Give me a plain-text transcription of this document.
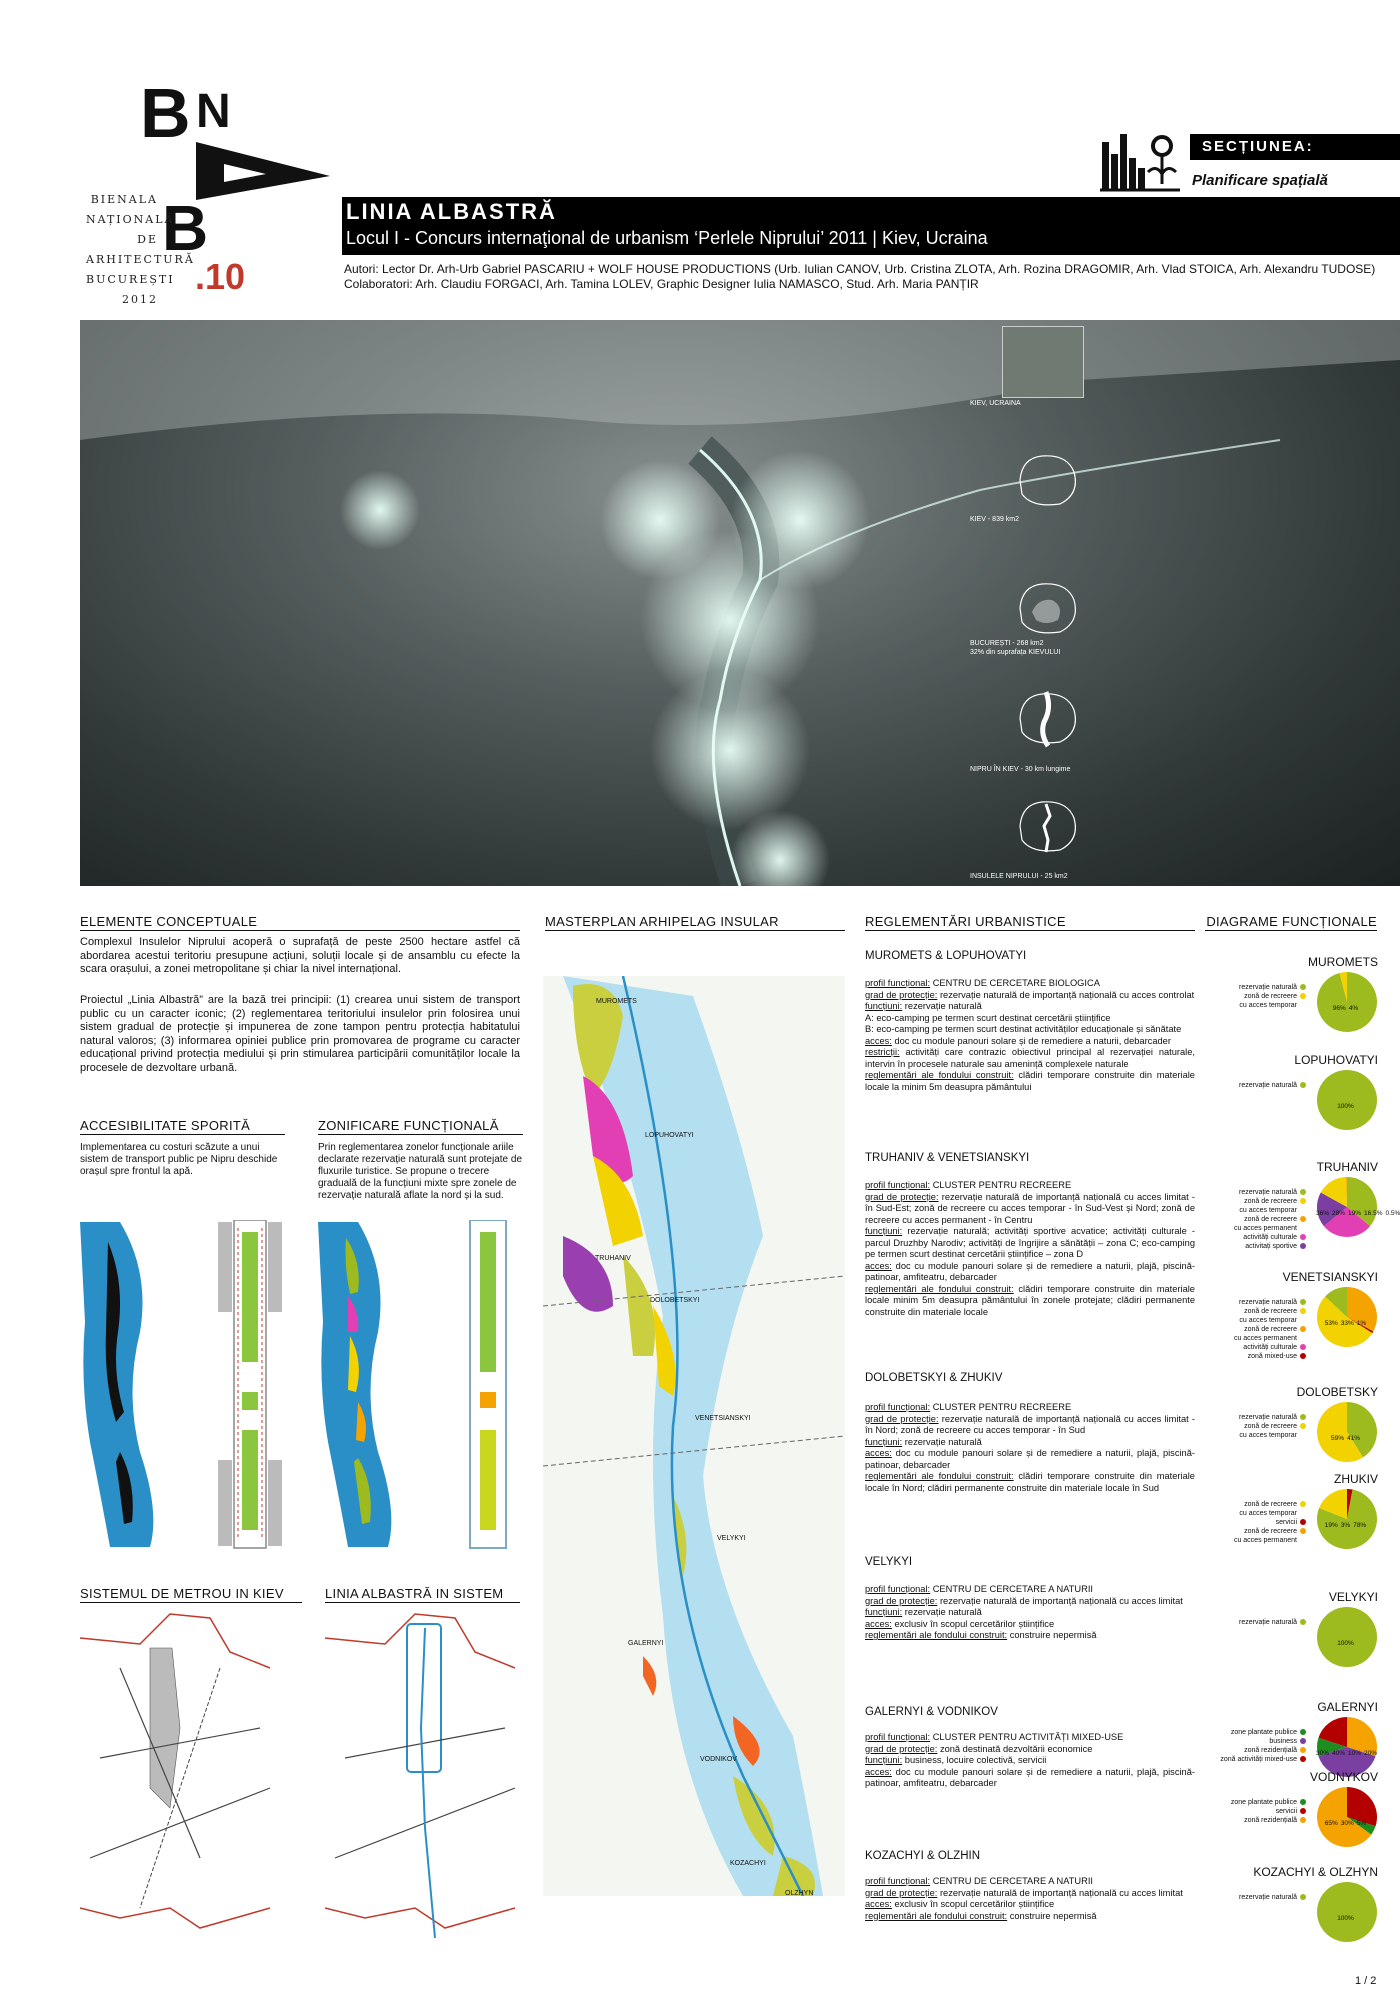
B N
B
BIENALA
NAȚIONALĂ
DE
ARHITECTURĂ
BUCUREȘTI
2012
.10
SECȚIUNEA:
Planificare spațială
LINIA ALBASTRĂ
Locul I - Concurs internaţional de urbanism ‘Perlele Niprului’ 2011 | Kiev, Ucraina
Autori: Lector Dr. Arh-Urb Gabriel PASCARIU + WOLF HOUSE PRODUCTIONS (Urb. Iulian CANOV, Urb. Cristina ZLOTA, Arh. Rozina DRAGOMIR, Arh. Vlad STOICA, Arh. Alexandru TUDOSE)
Colaboratori: Arh. Claudiu FORGACI, Arh. Tamina LOLEV, Graphic Designer Iulia NAMASCO, Stud. Arh. Maria PANȚIR
KIEV, UCRAINA
KIEV - 839 km2
BUCUREȘTI - 268 km2
32% din suprafața KIEVULUI
NIPRU ÎN KIEV - 30 km lungime
INSULELE NIPRULUI - 25 km2
ELEMENTE CONCEPTUALE
Complexul Insulelor Niprului acoperă o suprafață de peste 2500 hectare astfel că abordarea acestui teritoriu presupune acțiuni, soluții locale și de ansamblu cu efecte la scara orașului, a zonei metropolitane și chiar la nivel internațional.
Proiectul „Linia Albastră” are la bază trei principii: (1) crearea unui sistem de transport public cu un caracter iconic; (2) reglementarea teritoriului insulelor prin folosirea unui sistem gradual de protecție și impunerea de zone tampon pentru protecția habitatului natural valoros; (3) informarea opiniei publice prin promovarea de programe cu caracter educațional privind protecția mediului și prin stimularea participării comunităților locale la procesele de dezvoltare urbană.
ACCESIBILITATE SPORITĂ
Implementarea cu costuri scăzute a unui sistem de transport public pe Nipru deschide orașul spre frontul la apă.
ZONIFICARE FUNCȚIONALĂ
Prin reglementarea zonelor funcționale ariile declarate rezervație naturală sunt protejate de fluxurile turistice. Se propune o trecere graduală de la funcțiuni mixte spre zonele de rezervație naturală aflate la nord și la sud.
SISTEMUL DE METROU IN KIEV	LINIA ALBASTRĂ IN SISTEM
MASTERPLAN ARHIPELAG INSULAR
MUROMETS
LOPUHOVATYI
TRUHANIV
DOLOBETSKYI
VENETSIANSKYI
VELYKYI
GALERNYI
VODNIKOV
KOZACHYI
OLZHYN
REGLEMENTĂRI URBANISTICE
MUROMETS & LOPUHOVATYI
profil funcțional: CENTRU DE CERCETARE BIOLOGICA
grad de protecție: rezervație naturală de importanță națională cu acces controlat
funcțiuni: rezervație naturală
A: eco-camping pe termen scurt destinat cercetării științifice
B: eco-camping pe termen scurt destinat activităților educaționale și sănătate
acces: doc cu module panouri solare și de remediere a naturii, debarcader
restricții: activități care contrazic obiectivul principal al rezervației naturale, intervin în procesele naturale sau amenință complexele naturale
reglementări ale fondului construit: clădiri temporare construite din materiale locale la minim 5m deasupra pământului
TRUHANIV & VENETSIANSKYI
profil funcțional: CLUSTER PENTRU RECREERE
grad de protecție: rezervație naturală de importanță națională cu acces limitat - în Sud-Est; zonă de recreere cu acces temporar - în Sud-Vest și Nord; zonă de recreere cu acces permanent - în Centru
funcțiuni: rezervație naturală; activități sportive acvatice; activități culturale - parcul Druzhby Narodiv; activități de îngrijire a sănătății – zona C; eco-camping pe termen scurt destinat cercetării științifice – zona D
acces: doc cu module panouri solare și de remediere a naturii, plajă, piscină-patinoar, amfiteatru, debarcader
reglementări ale fondului construit: clădiri temporare construite din materiale locale minim 5m deasupra pământului în zonele protejate; clădiri permanente construite din materiale locale
DOLOBETSKYI & ZHUKIV
profil funcțional: CLUSTER PENTRU RECREERE
grad de protecție: rezervație naturală de importanță națională cu acces limitat - în Nord; zonă de recreere cu acces temporar - în Sud
funcțiuni: rezervație naturală
acces: doc cu module panouri solare și de remediere a naturii, plajă, piscină-patinoar, debarcader
reglementări ale fondului construit: clădiri temporare construite din materiale locale în Nord; clădiri permanente construite din materiale locale în Sud
VELYKYI
profil funcțional: CENTRU DE CERCETARE A NATURII
grad de protecție: rezervație naturală de importanță națională cu acces limitat
funcțiuni: rezervație naturală
acces: exclusiv în scopul cercetărilor științifice
reglementări ale fondului construit: construire nepermisă
GALERNYI & VODNIKOV
profil funcțional: CLUSTER PENTRU ACTIVITĂȚI MIXED-USE
grad de protecție: zonă destinată dezvoltării economice
funcțiuni: business, locuire colectivă, servicii
acces: doc cu module panouri solare și de remediere a naturii, plajă, piscină-patinoar, amfiteatru, debarcader
KOZACHYI & OLZHIN
profil funcțional: CENTRU DE CERCETARE A NATURII
grad de protecție: rezervație naturală de importanță națională cu acces limitat
acces: exclusiv în scopul cercetărilor științifice
reglementări ale fondului construit: construire nepermisă
DIAGRAME FUNCȚIONALE
MUROMETS
rezervație naturală
zonă de recreere
cu acces temporar	96% 4%
LOPUHOVATYI
rezervație naturală
100%
TRUHANIV
rezervație naturală
zonă de recreere
cu acces temporar
zonă de recreere
cu acces permanent
activități culturale
activitați sportive
36% 28% 19% 16.5% 0.5%
VENETSIANSKYI
rezervație naturală
zonă de recreere
cu acces temporar
zonă de recreere
cu acces permanent
activități culturale
zonă mixed-use
53% 33% 1%
DOLOBETSKY
rezervație naturală
zonă de recreere
cu acces temporar	59% 41%
ZHUKIV
zonă de recreere
cu acces temporar
servicii
zonă de recreere
cu acces permanent
19% 3% 78%
VELYKYI
rezervație naturală
100%
GALERNYI
zone plantate publice
business
zonă rezidențială
zonă activități mixed-use
30% 40% 10% 20%
VODNYKOV
zone plantate publice
servicii
zonă rezidențială	65% 30% 5%
KOZACHYI & OLZHYN
rezervație naturală
100%
1 / 2
